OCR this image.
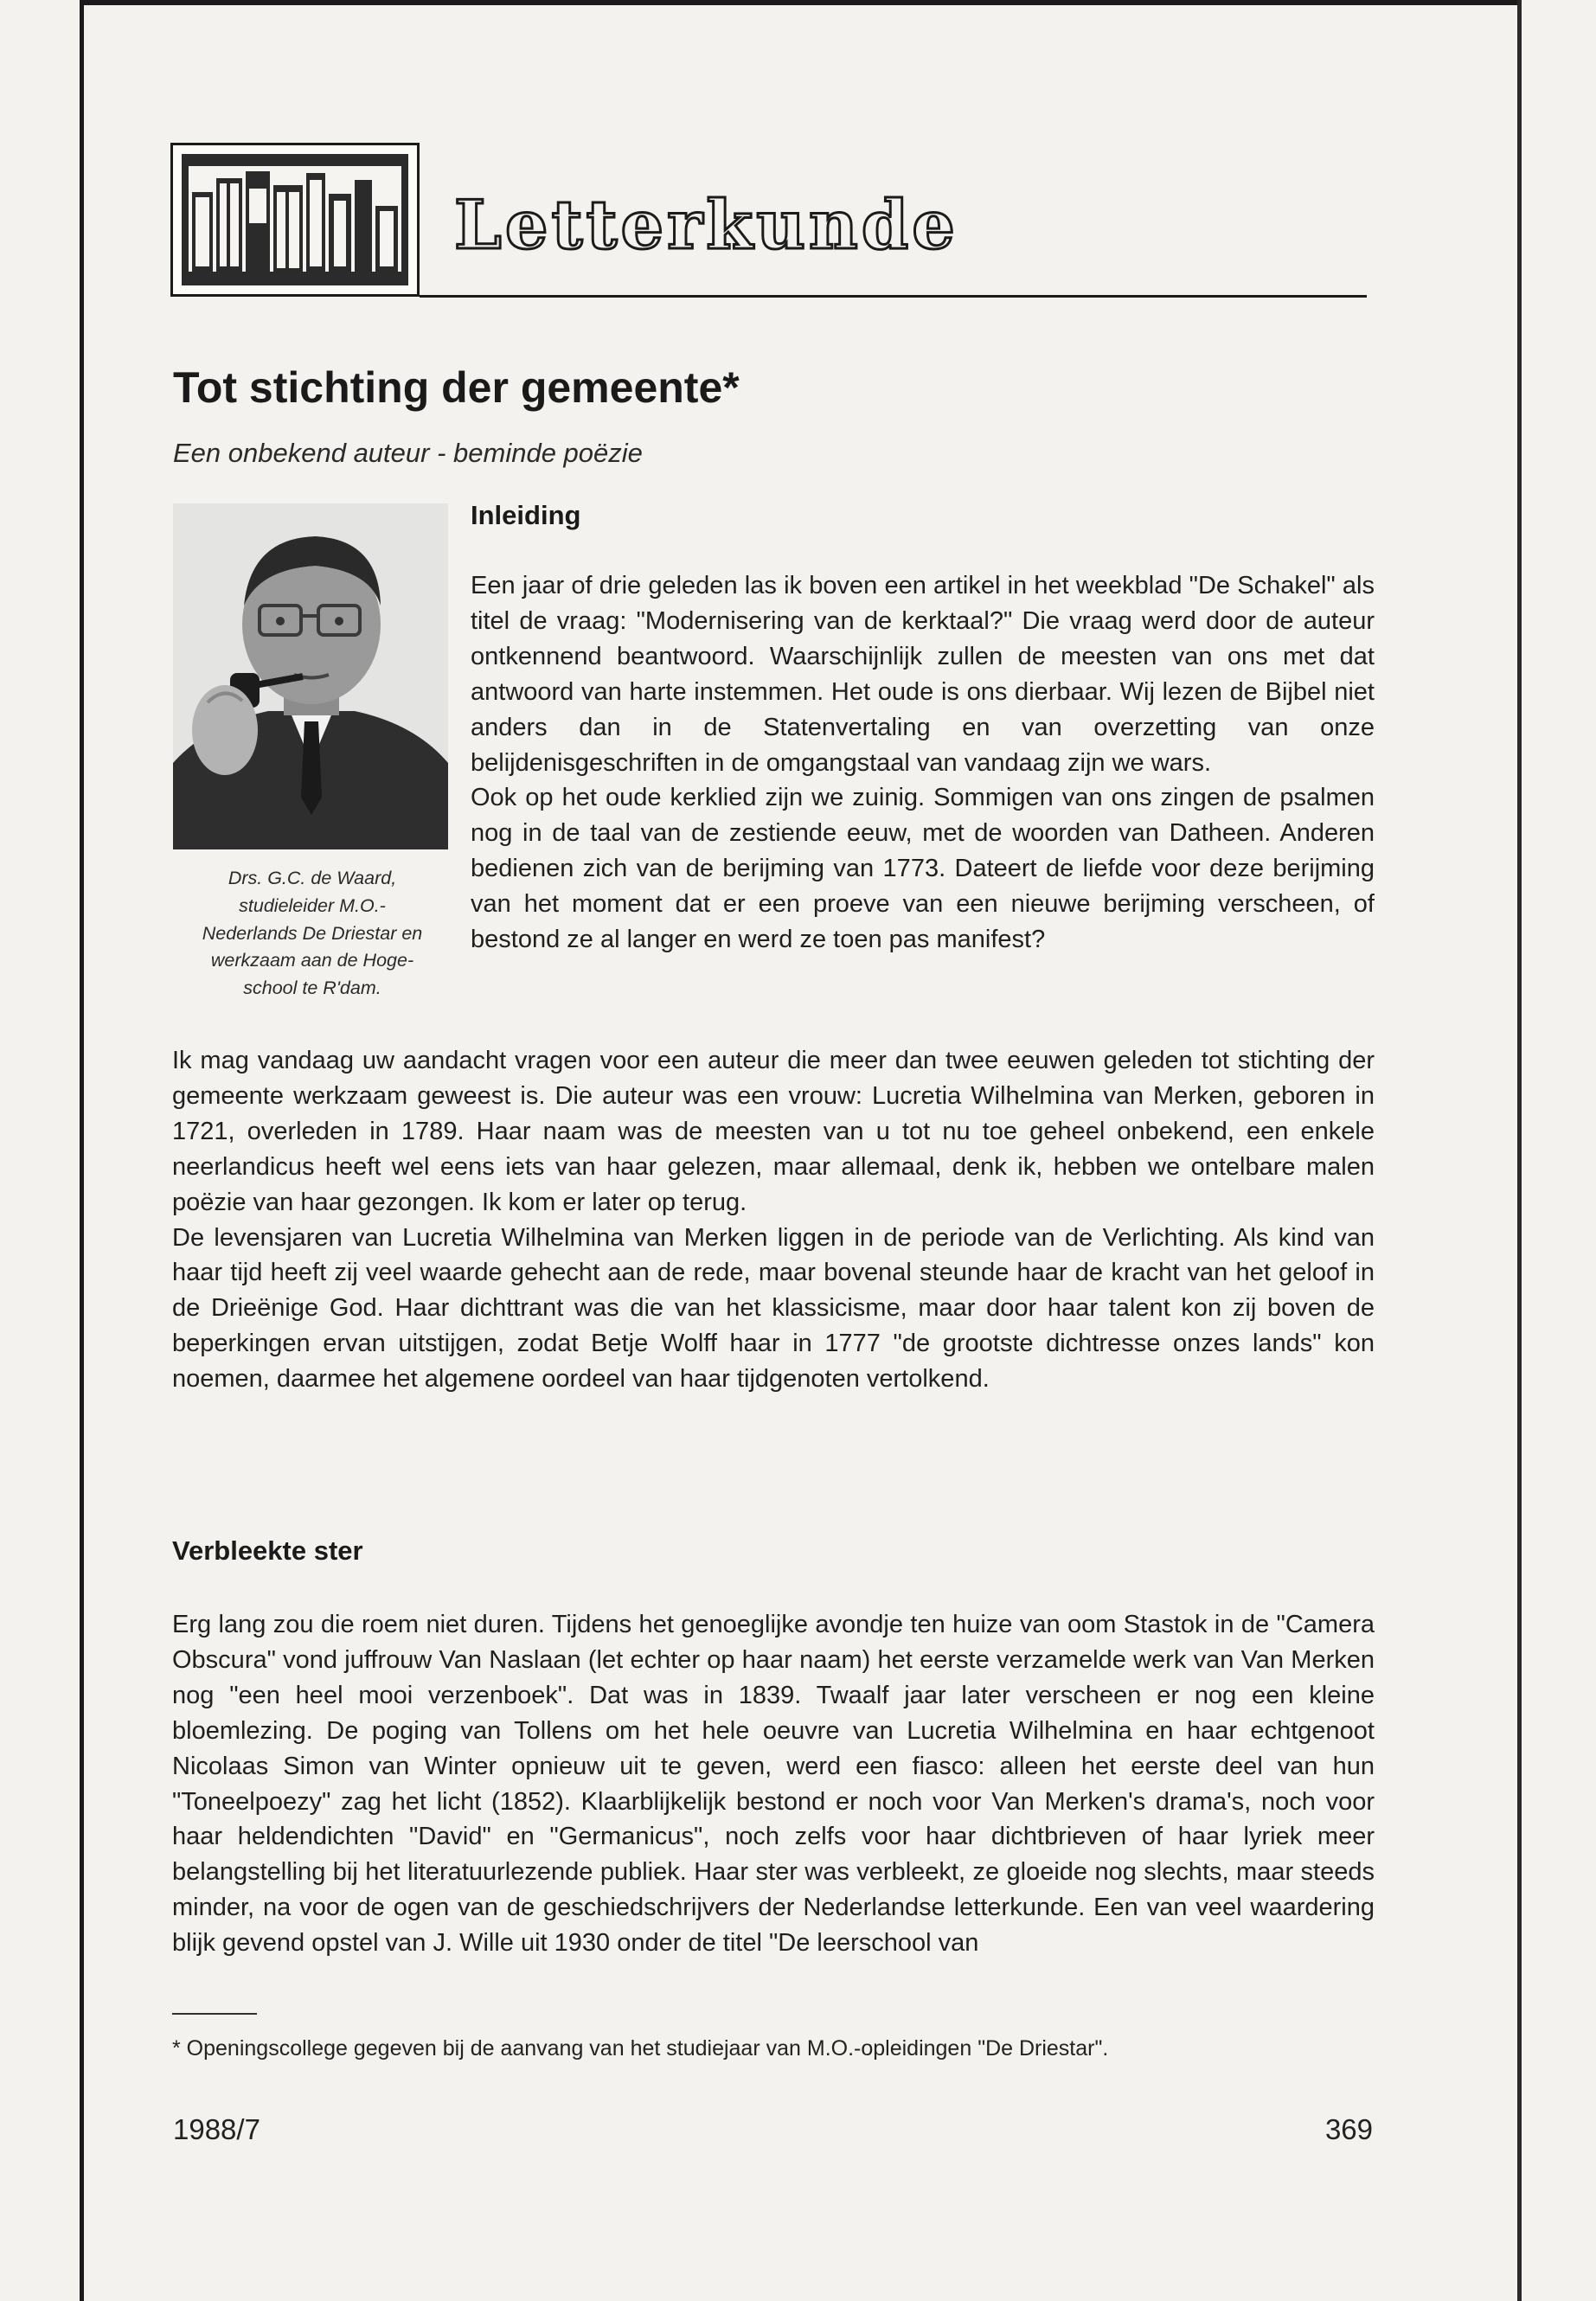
Letterkunde
Tot stichting der gemeente*

Een onbekend auteur - beminde poëzie

Drs. G.C. de Waard,
studieleider M.O.-
Nederlands De Driestar en
werkzaam aan de Hoge-
school te R'dam.

Inleiding

Een jaar of drie geleden las ik boven een artikel in het weekblad "De Schakel" als titel de vraag: "Modernisering van de kerktaal?" Die vraag werd door de auteur ontkennend beantwoord. Waarschijnlijk zullen de meesten van ons met dat antwoord van harte instemmen. Het oude is ons dierbaar. Wij lezen de Bijbel niet anders dan in de Statenvertaling en van overzetting van onze belijdenisgeschriften in de omgangstaal van vandaag zijn we wars.

Ook op het oude kerklied zijn we zuinig. Sommigen van ons zingen de psalmen nog in de taal van de zestiende eeuw, met de woorden van Datheen. Anderen bedienen zich van de berijming van 1773. Dateert de liefde voor deze berijming van het moment dat er een proeve van een nieuwe berijming verscheen, of bestond ze al langer en werd ze toen pas manifest?

Ik mag vandaag uw aandacht vragen voor een auteur die meer dan twee eeuwen geleden tot stichting der gemeente werkzaam geweest is. Die auteur was een vrouw: Lucretia Wilhelmina van Merken, geboren in 1721, overleden in 1789. Haar naam was de meesten van u tot nu toe geheel onbekend, een enkele neerlandicus heeft wel eens iets van haar gelezen, maar allemaal, denk ik, hebben we ontelbare malen poëzie van haar gezongen. Ik kom er later op terug.

De levensjaren van Lucretia Wilhelmina van Merken liggen in de periode van de Verlichting. Als kind van haar tijd heeft zij veel waarde gehecht aan de rede, maar bovenal steunde haar de kracht van het geloof in de Drieënige God. Haar dichttrant was die van het klassicisme, maar door haar talent kon zij boven de beperkingen ervan uitstijgen, zodat Betje Wolff haar in 1777 "de grootste dichtresse onzes lands" kon noemen, daarmee het algemene oordeel van haar tijdgenoten vertolkend.

Verbleekte ster

Erg lang zou die roem niet duren. Tijdens het genoeglijke avondje ten huize van oom Stastok in de "Camera Obscura" vond juffrouw Van Naslaan (let echter op haar naam) het eerste verzamelde werk van Van Merken nog "een heel mooi verzenboek". Dat was in 1839. Twaalf jaar later verscheen er nog een kleine bloemlezing. De poging van Tollens om het hele oeuvre van Lucretia Wilhelmina en haar echtgenoot Nicolaas Simon van Winter opnieuw uit te geven, werd een fiasco: alleen het eerste deel van hun "Toneelpoezy" zag het licht (1852). Klaarblijkelijk bestond er noch voor Van Merken's drama's, noch voor haar heldendichten "David" en "Germanicus", noch zelfs voor haar dichtbrieven of haar lyriek meer belangstelling bij het literatuurlezende publiek. Haar ster was verbleekt, ze gloeide nog slechts, maar steeds minder, na voor de ogen van de geschiedschrijvers der Nederlandse letterkunde. Een van veel waardering blijk gevend opstel van J. Wille uit 1930 onder de titel "De leerschool van

* Openingscollege gegeven bij de aanvang van het studiejaar van M.O.-opleidingen "De Driestar".

1988/7	369
